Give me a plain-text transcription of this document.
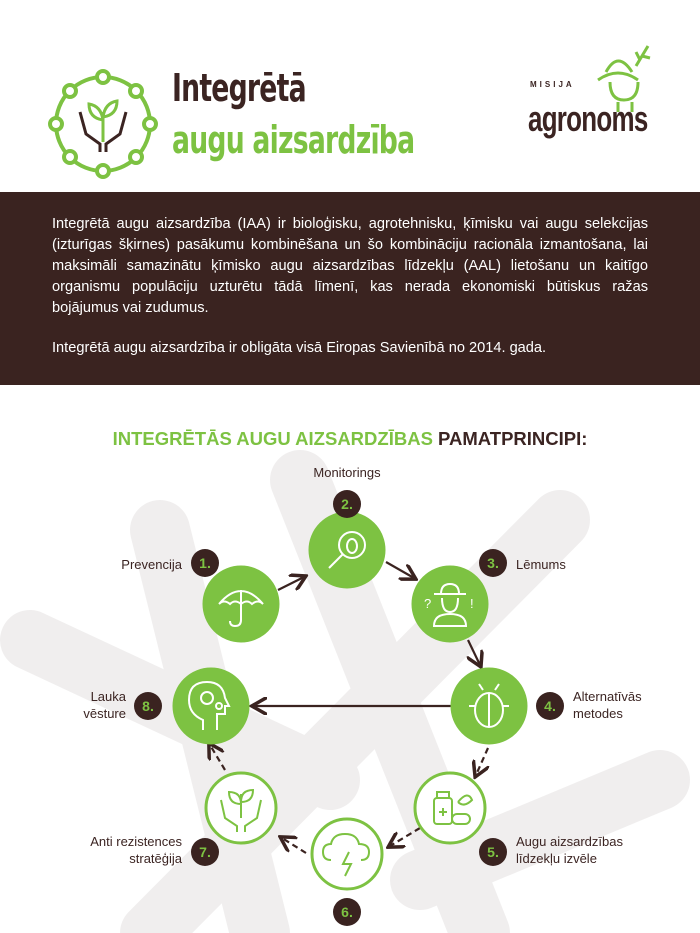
Integrētā
augu aizsardzība
MISIJA
agronoms

Integrētā augu aizsardzība (IAA) ir bioloģisku, agrotehnisku, ķīmisku vai augu selekcijas (izturīgas šķirnes) pasākumu kombinēšana un šo kombināciju racionāla izmantošana, lai maksimāli samazinātu ķīmisko augu aizsardzības līdzekļu (AAL) lietošanu un kaitīgo organismu populāciju uzturētu tādā līmenī, kas nerada ekonomiski būtiskus ražas bojājumus vai zudumus.

Integrētā augu aizsardzība ir obligāta visā Eiropas Savienībā no 2014. gada.

INTEGRĒTĀS AUGU AIZSARDZĪBAS PAMATPRINCIPI:
?	!
1.
Prevencija
2.
Monitorings
3.	Lēmums
4.
Alternatīvās
metodes
5.
Augu aizsardzības
līdzekļu izvēle
6.
7.
Anti rezistences
stratēģija
8.
Lauka
vēsture
